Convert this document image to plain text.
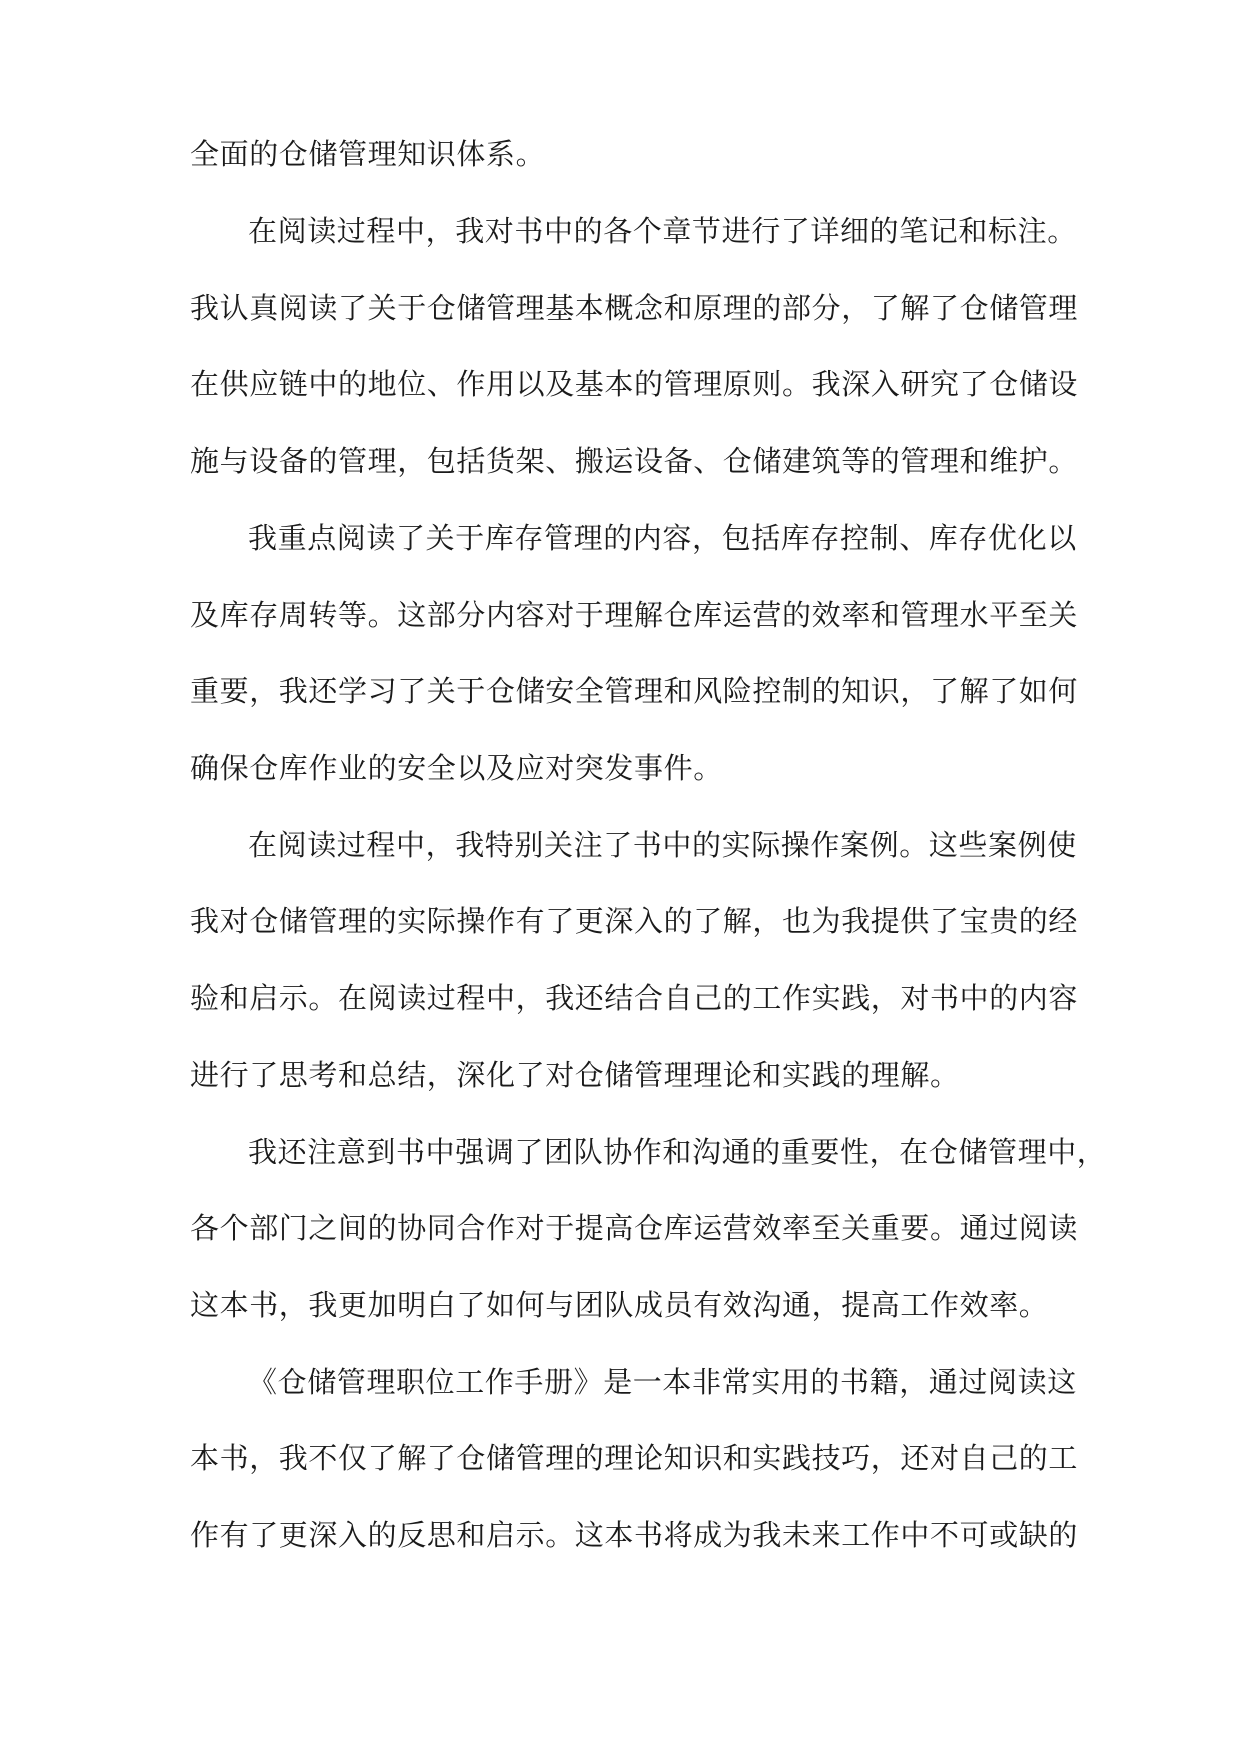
全面的仓储管理知识体系。
在阅读过程中，我对书中的各个章节进行了详细的笔记和标注。
我认真阅读了关于仓储管理基本概念和原理的部分，了解了仓储管理
在供应链中的地位、作用以及基本的管理原则。我深入研究了仓储设
施与设备的管理，包括货架、搬运设备、仓储建筑等的管理和维护。
我重点阅读了关于库存管理的内容，包括库存控制、库存优化以
及库存周转等。这部分内容对于理解仓库运营的效率和管理水平至关
重要，我还学习了关于仓储安全管理和风险控制的知识，了解了如何
确保仓库作业的安全以及应对突发事件。
在阅读过程中，我特别关注了书中的实际操作案例。这些案例使
我对仓储管理的实际操作有了更深入的了解，也为我提供了宝贵的经
验和启示。在阅读过程中，我还结合自己的工作实践，对书中的内容
进行了思考和总结，深化了对仓储管理理论和实践的理解。
我还注意到书中强调了团队协作和沟通的重要性，在仓储管理中，
各个部门之间的协同合作对于提高仓库运营效率至关重要。通过阅读
这本书，我更加明白了如何与团队成员有效沟通，提高工作效率。
《仓储管理职位工作手册》是一本非常实用的书籍，通过阅读这
本书，我不仅了解了仓储管理的理论知识和实践技巧，还对自己的工
作有了更深入的反思和启示。这本书将成为我未来工作中不可或缺的
